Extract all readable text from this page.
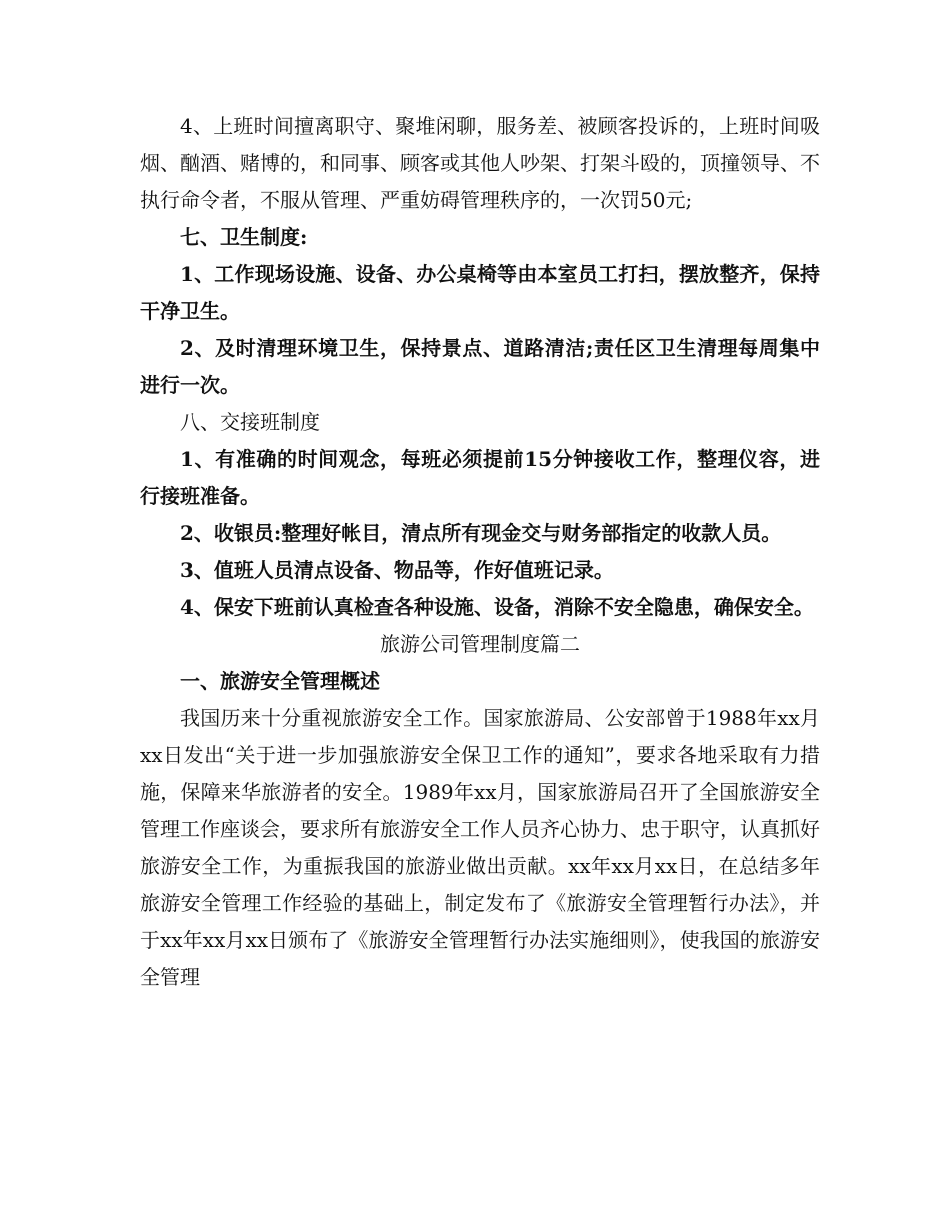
4、上班时间擅离职守、聚堆闲聊，服务差、被顾客投诉的，上班时间吸烟、酗酒、赌博的，和同事、顾客或其他人吵架、打架斗殴的，顶撞领导、不执行命令者，不服从管理、严重妨碍管理秩序的，一次罚50元;

七、卫生制度:

1、工作现场设施、设备、办公桌椅等由本室员工打扫，摆放整齐，保持干净卫生。

2、及时清理环境卫生，保持景点、道路清洁;责任区卫生清理每周集中进行一次。

八、交接班制度

1、有准确的时间观念，每班必须提前15分钟接收工作，整理仪容，进行接班准备。

2、收银员:整理好帐目，清点所有现金交与财务部指定的收款人员。

3、值班人员清点设备、物品等，作好值班记录。

4、保安下班前认真检查各种设施、设备，消除不安全隐患，确保安全。

旅游公司管理制度篇二

一、旅游安全管理概述

我国历来十分重视旅游安全工作。国家旅游局、公安部曾于1988年xx月xx日发出“关于进一步加强旅游安全保卫工作的通知”，要求各地采取有力措施，保障来华旅游者的安全。1989年xx月，国家旅游局召开了全国旅游安全管理工作座谈会，要求所有旅游安全工作人员齐心协力、忠于职守，认真抓好旅游安全工作，为重振我国的旅游业做出贡献。xx年xx月xx日，在总结多年旅游安全管理工作经验的基础上，制定发布了《旅游安全管理暂行办法》，并于xx年xx月xx日颁布了《旅游安全管理暂行办法实施细则》，使我国的旅游安全管理
